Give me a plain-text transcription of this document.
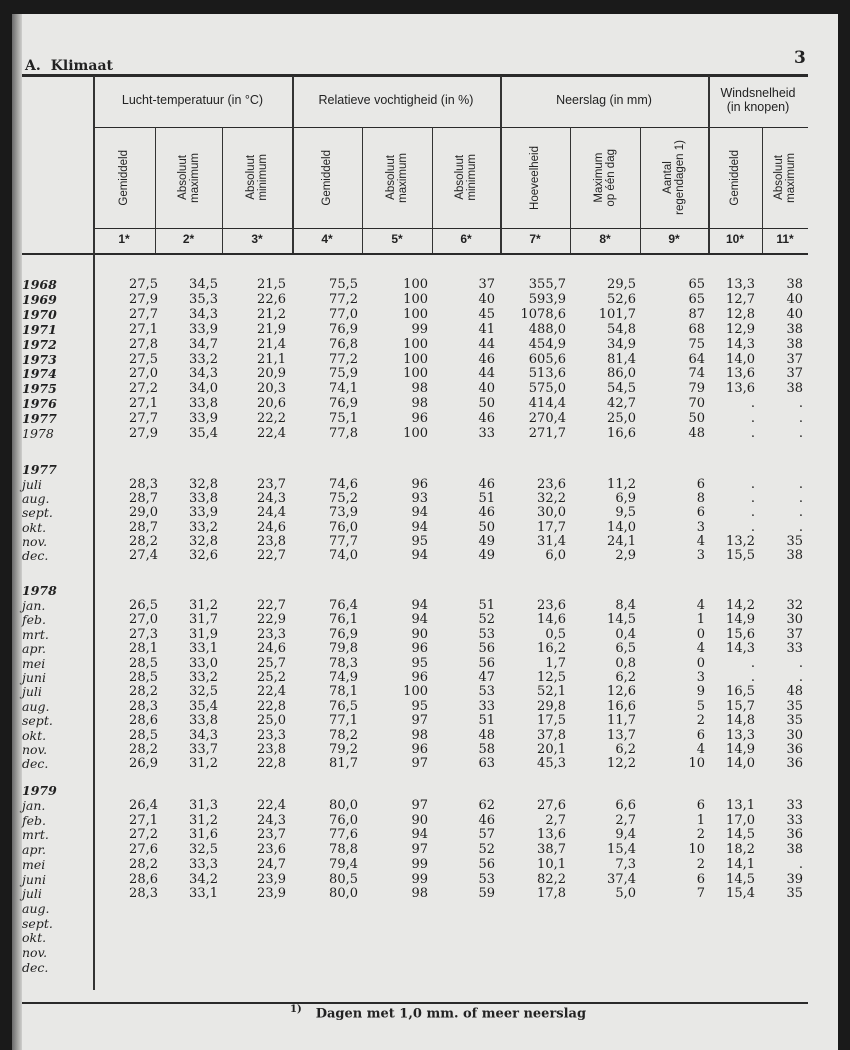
A. Klimaat	3
Lucht-temperatuur (in °C)	Relatieve vochtigheid (in %)	Neerslag (in mm)	Windsnelheid
(in knopen)
Gemiddeld
1*
Absoluut
maximum
2*
Absoluut
minimum
3*
Gemiddeld
4*
Absoluut
maximum
5*
Absoluut
minimum
6*
Hoeveelheid
7*
Maximum
op één dag
8*
Aantal
regendagen 1)
9*
Gemiddeld
10*
Absoluut
maximum
11*
1968	27,5	34,5	21,5	75,5	100	37	355,7	29,5	65	13,3	38
1969	27,9	35,3	22,6	77,2	100	40	593,9	52,6	65	12,7	40
1970	27,7	34,3	21,2	77,0	100	45	1078,6	101,7	87	12,8	40
1971	27,1	33,9	21,9	76,9	99	41	488,0	54,8	68	12,9	38
1972	27,8	34,7	21,4	76,8	100	44	454,9	34,9	75	14,3	38
1973	27,5	33,2	21,1	77,2	100	46	605,6	81,4	64	14,0	37
1974	27,0	34,3	20,9	75,9	100	44	513,6	86,0	74	13,6	37
1975	27,2	34,0	20,3	74,1	98	40	575,0	54,5	79	13,6	38
1976	27,1	33,8	20,6	76,9	98	50	414,4	42,7	70	.	.
1977	27,7	33,9	22,2	75,1	96	46	270,4	25,0	50	.	.
1978	27,9	35,4	22,4	77,8	100	33	271,7	16,6	48	.	.
1977
juli	28,3	32,8	23,7	74,6	96	46	23,6	11,2	6	.	.
aug.	28,7	33,8	24,3	75,2	93	51	32,2	6,9	8	.	.
sept.	29,0	33,9	24,4	73,9	94	46	30,0	9,5	6	.	.
okt.	28,7	33,2	24,6	76,0	94	50	17,7	14,0	3	.	.
nov.	28,2	32,8	23,8	77,7	95	49	31,4	24,1	4	13,2	35
dec.	27,4	32,6	22,7	74,0	94	49	6,0	2,9	3	15,5	38
1978
jan.	26,5	31,2	22,7	76,4	94	51	23,6	8,4	4	14,2	32
feb.	27,0	31,7	22,9	76,1	94	52	14,6	14,5	1	14,9	30
mrt.	27,3	31,9	23,3	76,9	90	53	0,5	0,4	0	15,6	37
apr.	28,1	33,1	24,6	79,8	96	56	16,2	6,5	4	14,3	33
mei	28,5	33,0	25,7	78,3	95	56	1,7	0,8	0	.	.
juni	28,5	33,2	25,2	74,9	96	47	12,5	6,2	3	.	.
juli	28,2	32,5	22,4	78,1	100	53	52,1	12,6	9	16,5	48
aug.	28,3	35,4	22,8	76,5	95	33	29,8	16,6	5	15,7	35
sept.	28,6	33,8	25,0	77,1	97	51	17,5	11,7	2	14,8	35
okt.	28,5	34,3	23,3	78,2	98	48	37,8	13,7	6	13,3	30
nov.	28,2	33,7	23,8	79,2	96	58	20,1	6,2	4	14,9	36
dec.	26,9	31,2	22,8	81,7	97	63	45,3	12,2	10	14,0	36
1979
jan.	26,4	31,3	22,4	80,0	97	62	27,6	6,6	6	13,1	33
feb.	27,1	31,2	24,3	76,0	90	46	2,7	2,7	1	17,0	33
mrt.	27,2	31,6	23,7	77,6	94	57	13,6	9,4	2	14,5	36
apr.	27,6	32,5	23,6	78,8	97	52	38,7	15,4	10	18,2	38
mei	28,2	33,3	24,7	79,4	99	56	10,1	7,3	2	14,1	.
juni	28,6	34,2	23,9	80,5	99	53	82,2	37,4	6	14,5	39
juli	28,3	33,1	23,9	80,0	98	59	17,8	5,0	7	15,4	35
aug.
sept.
okt.
nov.
dec.
$^{1)}$ Dagen met 1,0 mm. of meer neerslag
